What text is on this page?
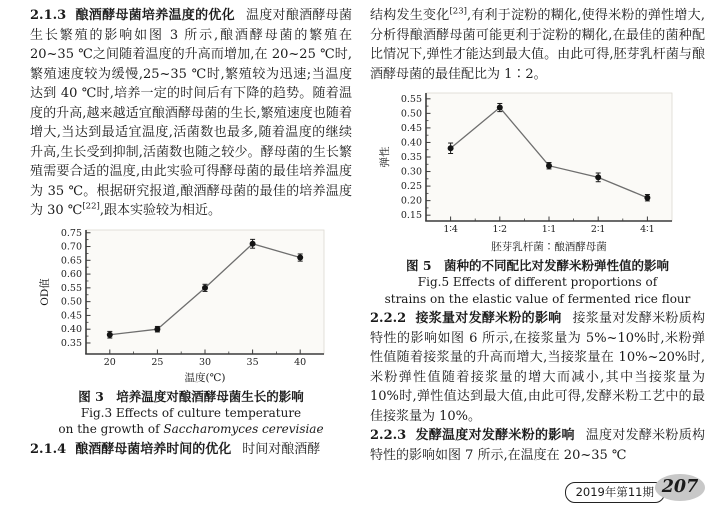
2.1.3 酿酒酵母菌培养温度的优化 温度对酿酒酵母菌生长繁殖的影响如图 3 所示,酿酒酵母菌的繁殖在 20~35 ℃之间随着温度的升高而增加,在 20~25 ℃时,繁殖速度较为缓慢,25~35 ℃时,繁殖较为迅速;当温度达到 40 ℃时,培养一定的时间后有下降的趋势。随着温度的升高,越来越适宜酿酒酵母菌的生长,繁殖速度也随着增大,当达到最适宜温度,活菌数也最多,随着温度的继续升高,生长受到抑制,活菌数也随之较少。酵母菌的生长繁殖需要合适的温度,由此实验可得酵母菌的最佳培养温度为 35 ℃。根据研究报道,酿酒酵母菌的最佳的培养温度为 30 ℃[22],跟本实验较为相近。

0.35
0.40
0.45
0.50
0.55
0.60
0.65
0.70
0.75
20	25	30	35	40
温度(℃)
OD值
图 3　培养温度对酿酒酵母菌生长的影响
Fig.3 Effects of culture temperature
on the growth of Saccharomyces cerevisiae

2.1.4 酿酒酵母菌培养时间的优化 时间对酿酒酵

结构发生变化[23],有利于淀粉的糊化,使得米粉的弹性增大,分析得酿酒酵母菌可能更利于淀粉的糊化,在最佳的菌种配比情况下,弹性才能达到最大值。由此可得,胚芽乳杆菌与酿酒酵母菌的最佳配比为 1∶2。

0.15
0.20
0.25
0.30
0.35
0.40
0.45
0.50
0.55
1∶4	1∶2	1∶1	2∶1	4∶1
胚芽乳杆菌∶酿酒酵母菌
弹性
图 5　菌种的不同配比对发酵米粉弹性值的影响
Fig.5 Effects of different proportions of
strains on the elastic value of fermented rice flour

2.2.2 接浆量对发酵米粉的影响 接浆量对发酵米粉质构特性的影响如图 6 所示,在接浆量为 5%~10%时,米粉弹性值随着接浆量的升高而增大,当接浆量在 10%~20%时,米粉弹性值随着接浆量的增大而减小,其中当接浆量为 10%时,弹性值达到最大值,由此可得,发酵米粉工艺中的最佳接浆量为 10%。

2.2.3 发酵温度对发酵米粉的影响 温度对发酵米粉质构特性的影响如图 7 所示,在温度在 20~35 ℃

2019年第11期 207
